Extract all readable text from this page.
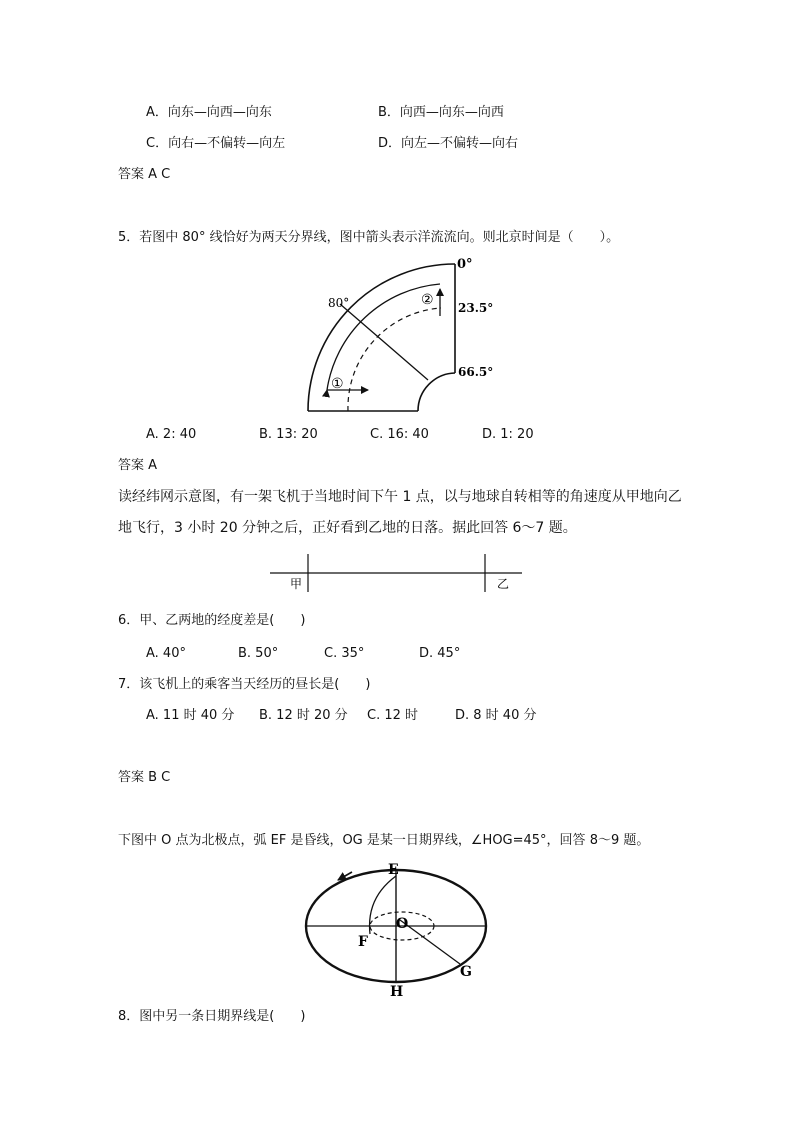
A．向东—向西—向东	B．向西—向东—向西
C．向右—不偏转—向左	D．向左—不偏转—向右
答案 A C
5．若图中 80° 线恰好为两天分界线，图中箭头表示洋流流向。则北京时间是（　　）。
80°
0°
23.5°
66.5°
①
②
A. 2: 40	B. 13: 20	C. 16: 40	D. 1: 20
答案 A
读经纬网示意图，有一架飞机于当地时间下午 1 点，以与地球自转相等的角速度从甲地向乙
地飞行，3 小时 20 分钟之后，正好看到乙地的日落。据此回答 6～7 题。
甲	乙
6．甲、乙两地的经度差是(　　)
A. 40°	B. 50°	C. 35°	D. 45°
7．该飞机上的乘客当天经历的昼长是(　　)
A. 11 时 40 分 B. 12 时 20 分 C. 12 时	D. 8 时 40 分
答案 B C
下图中 O 点为北极点，弧 EF 是昏线，OG 是某一日期界线，∠HOG=45°，回答 8～9 题。
E
F
O
G
H
8．图中另一条日期界线是(　　)
